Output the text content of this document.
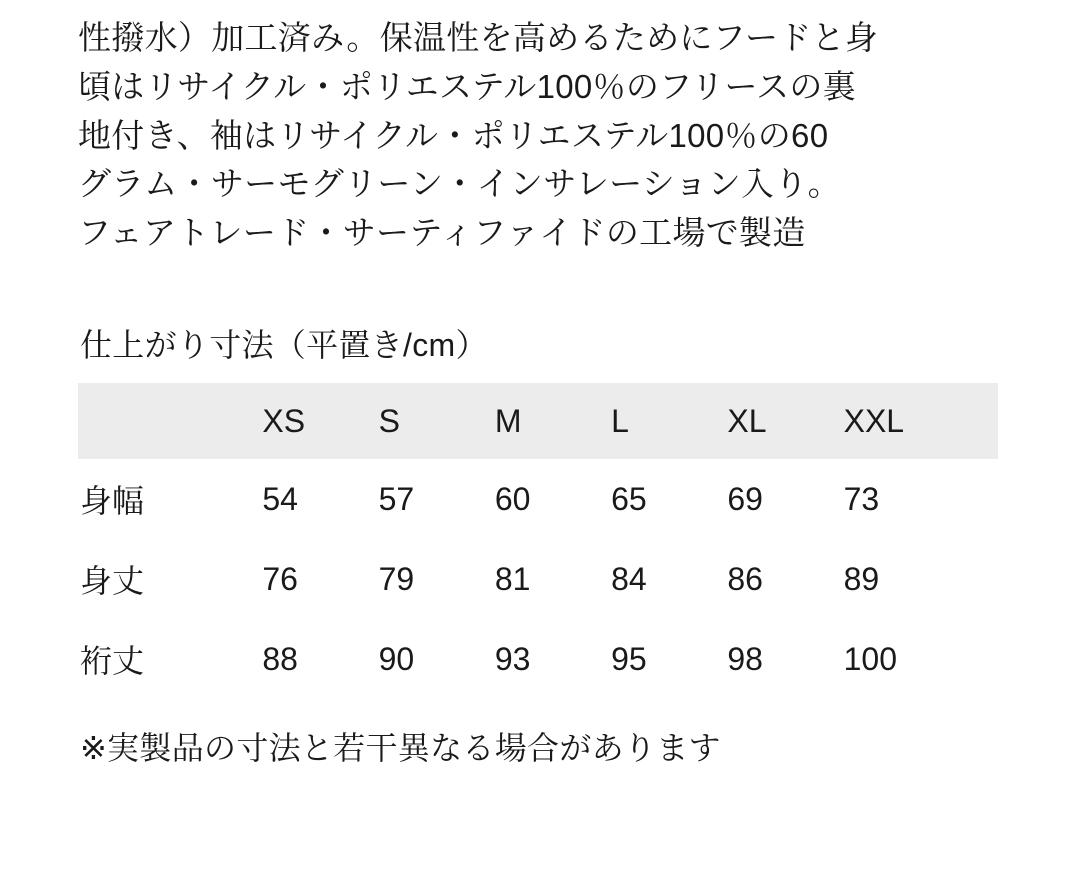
性撥水）加工済み。保温性を高めるためにフードと身

頃はリサイクル・ポリエステル100％のフリースの裏

地付き、袖はリサイクル・ポリエステル100％の60

グラム・サーモグリーン・インサレーション入り。

フェアトレード・サーティファイドの工場で製造

仕上がり寸法（平置き/cm）
	XS	S	M	L	XL	XXL
身幅	54	57	60	65	69	73
身丈	76	79	81	84	86	89
裄丈	88	90	93	95	98	100
※実製品の寸法と若干異なる場合があります
